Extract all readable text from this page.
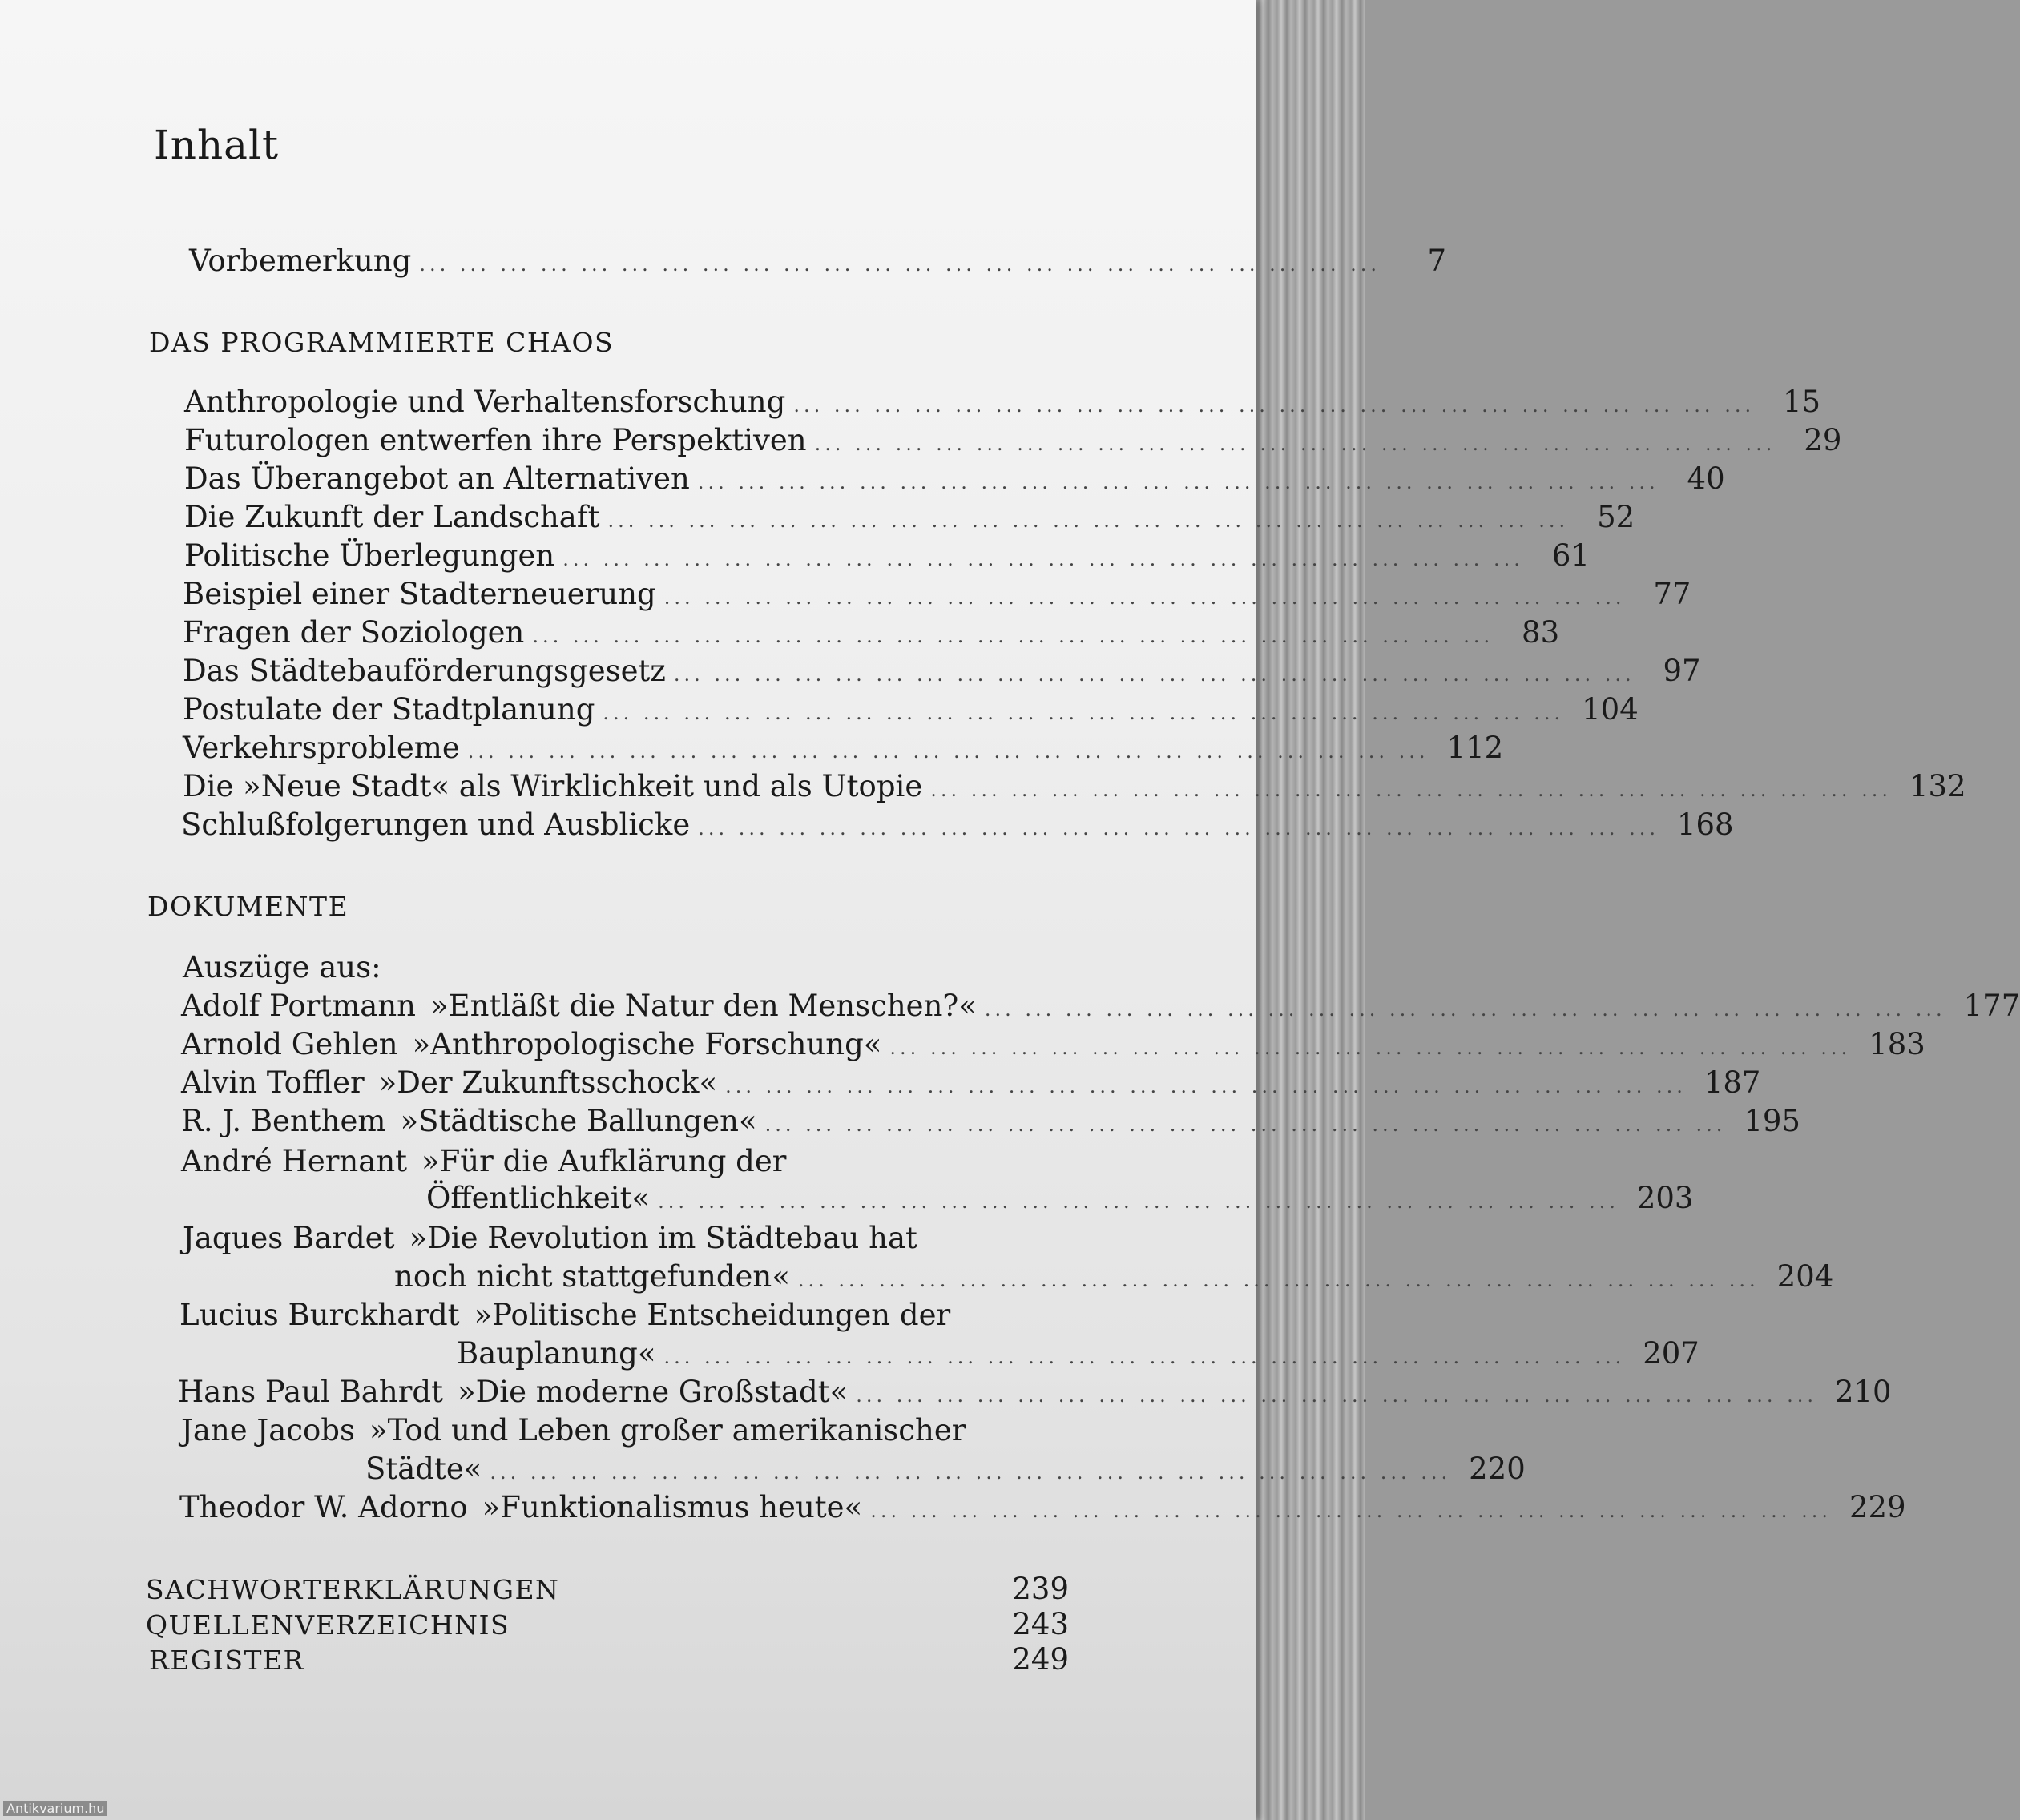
Inhalt
Vorbemerkung ... ... ... ... ... ... ... ... ... ... ... ... ... ... ... ... ... ... ... ... ... ... ... ...	7
DAS PROGRAMMIERTE CHAOS
Anthropologie und Verhaltensforschung ... ... ... ... ... ... ... ... ... ... ... ... ... ... ... ... ... ... ... ... ... ... ... ... 15
Futurologen entwerfen ihre Perspektiven ... ... ... ... ... ... ... ... ... ... ... ... ... ... ... ... ... ... ... ... ... ... ... ... 29
Das Überangebot an Alternativen ... ... ... ... ... ... ... ... ... ... ... ... ... ... ... ... ... ... ... ... ... ... ... ... 40
Die Zukunft der Landschaft ... ... ... ... ... ... ... ... ... ... ... ... ... ... ... ... ... ... ... ... ... ... ... ... 52
Politische Überlegungen ... ... ... ... ... ... ... ... ... ... ... ... ... ... ... ... ... ... ... ... ... ... ... ... 61
Beispiel einer Stadterneuerung ... ... ... ... ... ... ... ... ... ... ... ... ... ... ... ... ... ... ... ... ... ... ... ... 77
Fragen der Soziologen ... ... ... ... ... ... ... ... ... ... ... ... ... ... ... ... ... ... ... ... ... ... ... ... 83
Das Städtebauförderungsgesetz ... ... ... ... ... ... ... ... ... ... ... ... ... ... ... ... ... ... ... ... ... ... ... ... 97
Postulate der Stadtplanung ... ... ... ... ... ... ... ... ... ... ... ... ... ... ... ... ... ... ... ... ... ... ... ... 104
Verkehrsprobleme ... ... ... ... ... ... ... ... ... ... ... ... ... ... ... ... ... ... ... ... ... ... ... ... 112
Die »Neue Stadt« als Wirklichkeit und als Utopie ... ... ... ... ... ... ... ... ... ... ... ... ... ... ... ... ... ... ... ... ... ... ... ... 132
Schlußfolgerungen und Ausblicke ... ... ... ... ... ... ... ... ... ... ... ... ... ... ... ... ... ... ... ... ... ... ... ... 168
DOKUMENTE
Auszüge aus:
Adolf Portmann »Entläßt die Natur den Menschen?« ... ... ... ... ... ... ... ... ... ... ... ... ... ... ... ... ... ... ... ... ... ... ... ... 177
Arnold Gehlen »Anthropologische Forschung« ... ... ... ... ... ... ... ... ... ... ... ... ... ... ... ... ... ... ... ... ... ... ... ... 183
Alvin Toffler »Der Zukunftsschock« ... ... ... ... ... ... ... ... ... ... ... ... ... ... ... ... ... ... ... ... ... ... ... ... 187
R. J. Benthem »Städtische Ballungen« ... ... ... ... ... ... ... ... ... ... ... ... ... ... ... ... ... ... ... ... ... ... ... ... 195
André Hernant »Für die Aufklärung der
Öffentlichkeit« ... ... ... ... ... ... ... ... ... ... ... ... ... ... ... ... ... ... ... ... ... ... ... ... 203
Jaques Bardet »Die Revolution im Städtebau hat
noch nicht stattgefunden« ... ... ... ... ... ... ... ... ... ... ... ... ... ... ... ... ... ... ... ... ... ... ... ... 204
Lucius Burckhardt »Politische Entscheidungen der
Bauplanung« ... ... ... ... ... ... ... ... ... ... ... ... ... ... ... ... ... ... ... ... ... ... ... ... 207
Hans Paul Bahrdt »Die moderne Großstadt« ... ... ... ... ... ... ... ... ... ... ... ... ... ... ... ... ... ... ... ... ... ... ... ... 210
Jane Jacobs »Tod und Leben großer amerikanischer
Städte« ... ... ... ... ... ... ... ... ... ... ... ... ... ... ... ... ... ... ... ... ... ... ... ... 220
Theodor W. Adorno »Funktionalismus heute« ... ... ... ... ... ... ... ... ... ... ... ... ... ... ... ... ... ... ... ... ... ... ... ... 229
SACHWORTERKLÄRUNGEN	239
QUELLENVERZEICHNIS	243
REGISTER	249
Antikvarium.hu
